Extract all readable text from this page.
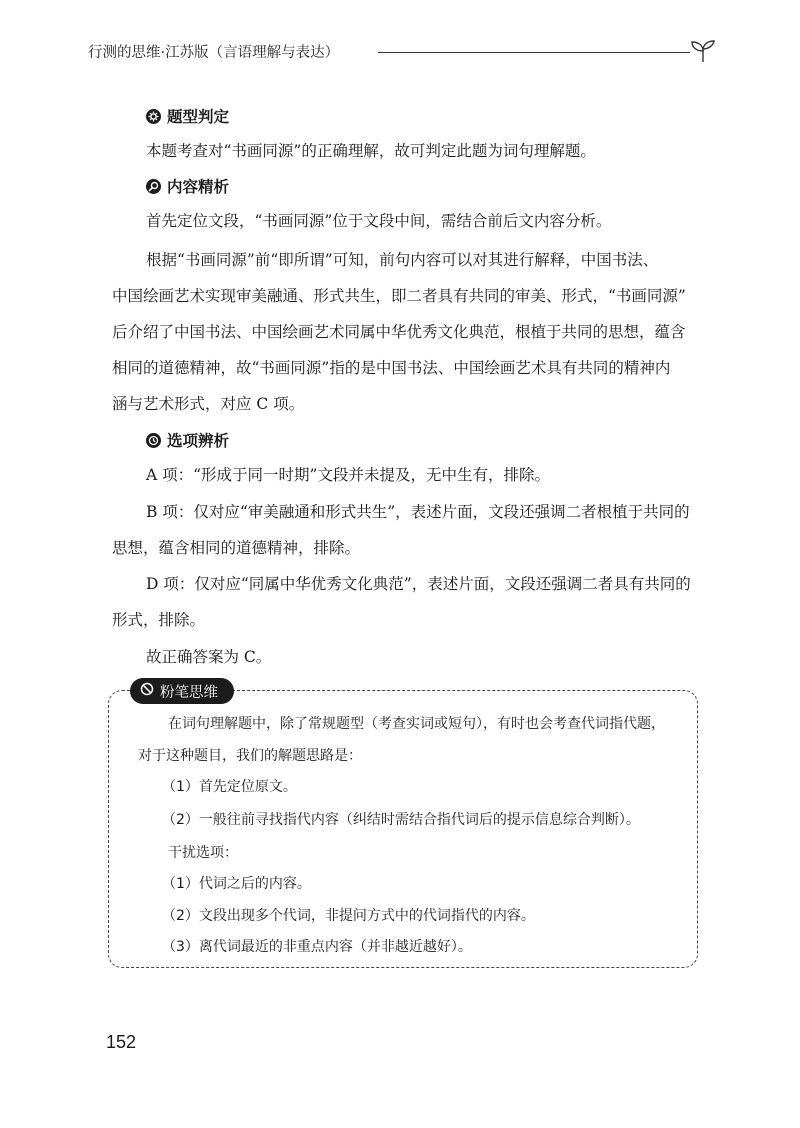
行测的思维·江苏版（言语理解与表达）
题型判定
本题考查对“书画同源”的正确理解，故可判定此题为词句理解题。
内容精析
首先定位文段，“书画同源”位于文段中间，需结合前后文内容分析。
根据“书画同源”前“即所谓”可知，前句内容可以对其进行解释，中国书法、
中国绘画艺术实现审美融通、形式共生，即二者具有共同的审美、形式，“书画同源”
后介绍了中国书法、中国绘画艺术同属中华优秀文化典范，根植于共同的思想，蕴含
相同的道德精神，故“书画同源”指的是中国书法、中国绘画艺术具有共同的精神内
涵与艺术形式，对应 C 项。
选项辨析
A 项：“形成于同一时期”文段并未提及，无中生有，排除。
B 项：仅对应“审美融通和形式共生”，表述片面，文段还强调二者根植于共同的
思想，蕴含相同的道德精神，排除。
D 项：仅对应“同属中华优秀文化典范”，表述片面，文段还强调二者具有共同的
形式，排除。
故正确答案为 C。
粉笔思维
在词句理解题中，除了常规题型（考查实词或短句），有时也会考查代词指代题，
对于这种题目，我们的解题思路是：
（1）首先定位原文。
（2）一般往前寻找指代内容（纠结时需结合指代词后的提示信息综合判断）。
干扰选项：
（1）代词之后的内容。
（2）文段出现多个代词，非提问方式中的代词指代的内容。
（3）离代词最近的非重点内容（并非越近越好）。
152
